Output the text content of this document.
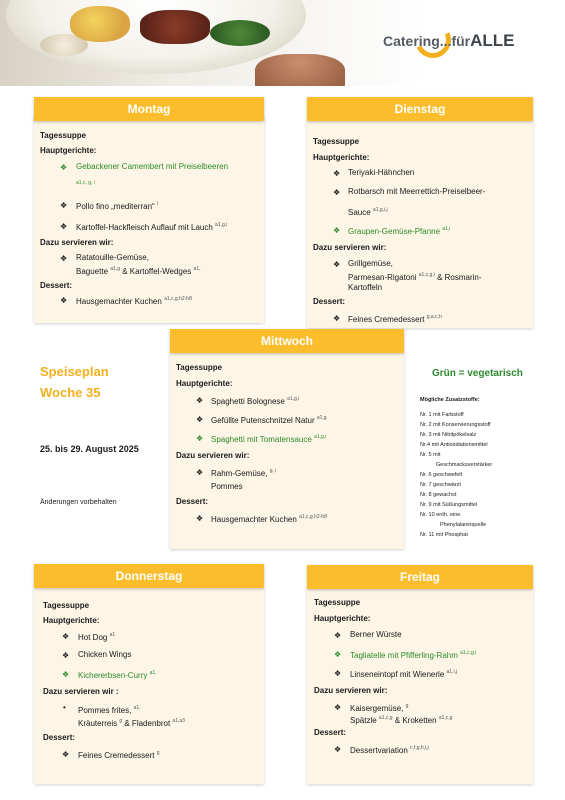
Catering...fürALLE
Montag
Tagessuppe
Hauptgerichte:
❖ Gebackener Camembert mit Preiselbeeren
a1,c, g, i
❖ Pollo fino „mediterran“ $^i$
❖ Kartoffel-Hackfleisch Auflauf mit Lauch $^{a1,g,i}$
Dazu servieren wir:
❖ Ratatouille-Gemüse,
Baguette $^{a1,g}$ & Kartoffel-Wedges $^{a1,}$
Dessert:
❖ Hausgemachter Kuchen $^{a1,c,g,h2-h8}$
Dienstag
Tagessuppe
Hauptgerichte:
❖ Teriyaki-Hähnchen
❖ Rotbarsch mit Meerrettich-Preiselbeer-
Sauce $^{a1,g,i,j}$
❖ Graupen-Gemüse-Pfanne $^{a1,i}$
Dazu servieren wir:
❖ Grillgemüse,
Parmesan-Rigatoni $^{a1,c,g,i}$ & Rosmarin-
Kartoffeln
Dessert:
❖ Feines Cremedessert $^{g,a,c,h}$
Mittwoch
Tagessuppe
Hauptgerichte:
❖ Spaghetti Bolognese $^{a1,g,i}$
❖ Gefüllte Putenschnitzel Natur $^{a1,g}$
❖ Spaghetti mit Tomatensauce $^{a1,g,i}$
Dazu servieren wir:
❖ Rahm-Gemüse, $^{g, i}$
Pommes
Dessert:
❖ Hausgemachter Kuchen $^{a1,c,g,h2-h8}$
Speiseplan
Woche 35
25. bis 29. August 2025
Änderungen vorbehalten
Grün = vegetarisch
Mögliche Zusatzstoffe:
Nr. 1 mit Farbstoff
Nr. 2 mit Konservierungsstoff
Nr. 3 mit Nitritpökelsalz
Nr.4 mit Antioxidationsmittel
Nr. 5 mit
Geschmacksverstärker
Nr. 6 geschwefelt
Nr. 7 geschwärzt
Nr. 8 gewachst
Nr. 9 mit Süßungsmittel
Nr. 10 enth. eine
Phenylalaninquelle
Nr. 11 mit Phosphat
Donnerstag
Tagessuppe
Hauptgerichte:
❖ Hot Dog $^{a1}$
❖ Chicken Wings
❖ Kichererbsen-Curry $^{a1,}$
Dazu servieren wir :
• Pommes frites, $^{a1,}$
Kräuterreis $^g$ & Fladenbrot $^{a1,a3}$
Dessert:
❖ Feines Cremedessert $^g$
Freitag
Tagessuppe
Hauptgerichte:
❖ Berner Würste
❖ Tagliatelle mit Pfifferling-Rahm $^{a1,c,g,i}$
❖ Linseneintopf mit Wienerle $^{a1,i,j}$
Dazu servieren wir:
❖ Kaisergemüse, $^g$
Spätzle $^{a1,c,g}$ & Kroketten $^{a1,c,g}$
Dessert:
❖ Dessertvariation $^{c,f,g,h,i,j}$
